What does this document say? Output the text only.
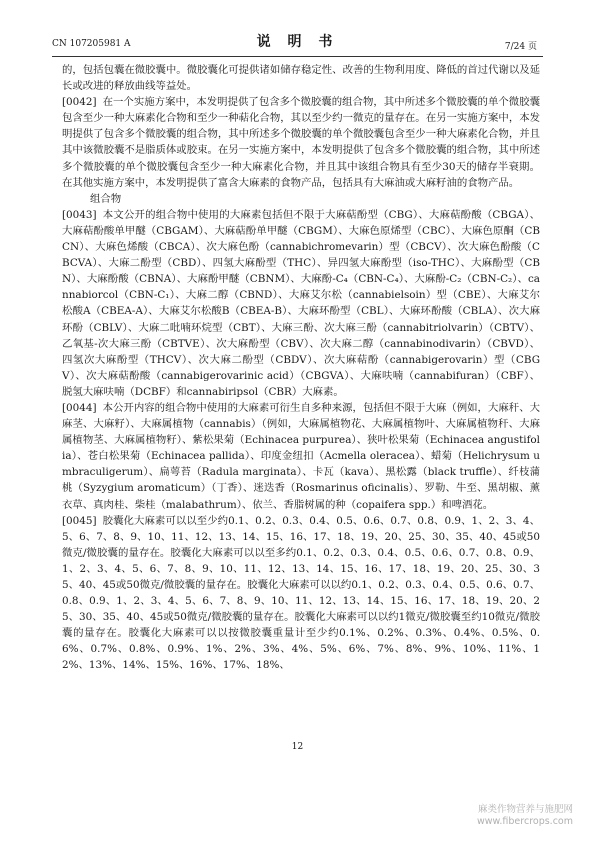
CN 107205981 A	说 明 书	7/24 页

的，包括包囊在微胶囊中。微胶囊化可提供诸如储存稳定性、改善的生物利用度、降低的首过代谢以及延长或改进的释放曲线等益处。

[0042] 在一个实施方案中，本发明提供了包含多个微胶囊的组合物，其中所述多个微胶囊的单个微胶囊包含至少一种大麻素化合物和至少一种萜化合物，其以至少约一微克的量存在。在另一实施方案中，本发明提供了包含多个微胶囊的组合物，其中所述多个微胶囊的单个微胶囊包含至少一种大麻素化合物，并且其中该微胶囊不是脂质体或胶束。在另一实施方案中，本发明提供了包含多个微胶囊的组合物，其中所述多个微胶囊的单个微胶囊包含至少一种大麻素化合物，并且其中该组合物具有至少30天的储存半衰期。在其他实施方案中，本发明提供了富含大麻素的食物产品，包括具有大麻油或大麻籽油的食物产品。

组合物

[0043] 本文公开的组合物中使用的大麻素包括但不限于大麻萜酚型（CBG）、大麻萜酚酸（CBGA）、大麻萜酚酸单甲醚（CBGAM）、大麻萜酚单甲醚（CBGM）、大麻色原烯型（CBC）、大麻色原酮（CBCN）、大麻色烯酸（CBCA）、次大麻色酚（cannabichromevarin）型（CBCV）、次大麻色酚酸（CBCVA）、大麻二酚型（CBD）、四氢大麻酚型（THC）、异四氢大麻酚型（iso-THC）、大麻酚型（CBN）、大麻酚酸（CBNA）、大麻酚甲醚（CBNM）、大麻酚-C₄（CBN-C₄）、大麻酚-C₂（CBN-C₂）、cannabiorcol（CBN-C₁）、大麻二醇（CBND）、大麻艾尔松（cannabielsoin）型（CBE）、大麻艾尔松酸A（CBEA-A）、大麻艾尔松酸B（CBEA-B）、大麻环酚型（CBL）、大麻环酚酸（CBLA）、次大麻环酚（CBLV）、大麻二吡喃环烷型（CBT）、大麻三酚、次大麻三酚（cannabitriolvarin）（CBTV）、乙氧基-次大麻三酚（CBTVE）、次大麻酚型（CBV）、次大麻二醇（cannabinodivarin）（CBVD）、四氢次大麻酚型（THCV）、次大麻二酚型（CBDV）、次大麻萜酚（cannabigerovarin）型（CBGV）、次大麻萜酚酸（cannabigerovarinic acid）（CBGVA）、大麻呋喃（cannabifuran）（CBF）、脱氢大麻呋喃（DCBF）和cannabiripsol（CBR）大麻素。

[0044] 本公开内容的组合物中使用的大麻素可衍生自多种来源，包括但不限于大麻（例如，大麻秆、大麻茎、大麻籽）、大麻属植物（cannabis）（例如，大麻属植物花、大麻属植物叶、大麻属植物秆、大麻属植物茎、大麻属植物籽）、紫松果菊（Echinacea purpurea）、狭叶松果菊（Echinacea angustifolia）、苍白松果菊（Echinacea pallida）、印度金纽扣（Acmella oleracea）、蜡菊（Helichrysum umbraculigerum）、扁萼苔（Radula marginata）、卡瓦（kava）、黑松露（black truffle）、纤枝蒲桃（Syzygium aromaticum）（丁香）、迷迭香（Rosmarinus oficinalis）、罗勒、牛至、黑胡椒、薰衣草、真肉桂、柴桂（malabathrum）、依兰、香脂树属的种（copaifera spp.）和啤酒花。

[0045] 胶囊化大麻素可以以至少约0.1、0.2、0.3、0.4、0.5、0.6、0.7、0.8、0.9、1、2、3、4、5、6、7、8、9、10、11、12、13、14、15、16、17、18、19、20、25、30、35、40、45或50微克/微胶囊的量存在。胶囊化大麻素可以以至多约0.1、0.2、0.3、0.4、0.5、0.6、0.7、0.8、0.9、1、2、3、4、5、6、7、8、9、10、11、12、13、14、15、16、17、18、19、20、25、30、35、40、45或50微克/微胶囊的量存在。胶囊化大麻素可以以约0.1、0.2、0.3、0.4、0.5、0.6、0.7、0.8、0.9、1、2、3、4、5、6、7、8、9、10、11、12、13、14、15、16、17、18、19、20、25、30、35、40、45或50微克/微胶囊的量存在。胶囊化大麻素可以以约1微克/微胶囊至约10微克/微胶囊的量存在。胶囊化大麻素可以以按微胶囊重量计至少约0.1%、0.2%、0.3%、0.4%、0.5%、0.6%、0.7%、0.8%、0.9%、1%、2%、3%、4%、5%、6%、7%、8%、9%、10%、11%、12%、13%、14%、15%、16%、17%、18%、

12
麻类作物营养与施肥网
www.fibercrops.com
